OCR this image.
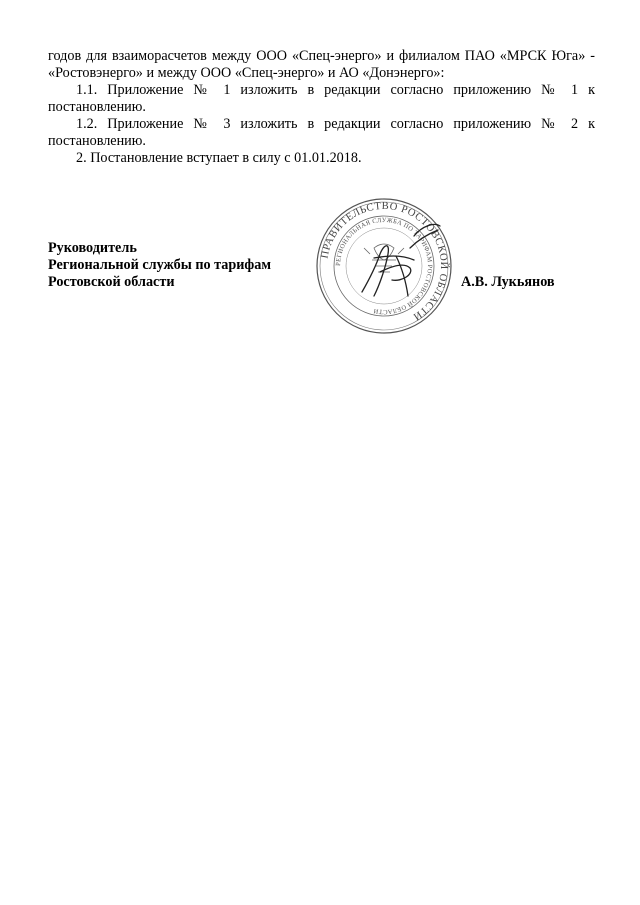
годов для взаиморасчетов между ООО «Спец-энерго» и филиалом ПАО «МРСК Юга» - «Ростовэнерго» и между ООО «Спец-энерго» и АО «Донэнерго»:

1.1. Приложение № 1 изложить в редакции согласно приложению № 1 к постановлению.

1.2. Приложение № 3 изложить в редакции согласно приложению № 2 к постановлению.

2. Постановление вступает в силу с 01.01.2018.

Руководитель
Региональной службы по тарифам
Ростовской области
ПРАВИТЕЛЬСТВО РОСТОВСКОЙ ОБЛАСТИ
РЕГИОНАЛЬНАЯ СЛУЖБА ПО ТАРИФАМ РОСТОВСКОЙ ОБЛАСТИ
А.В. Лукьянов
